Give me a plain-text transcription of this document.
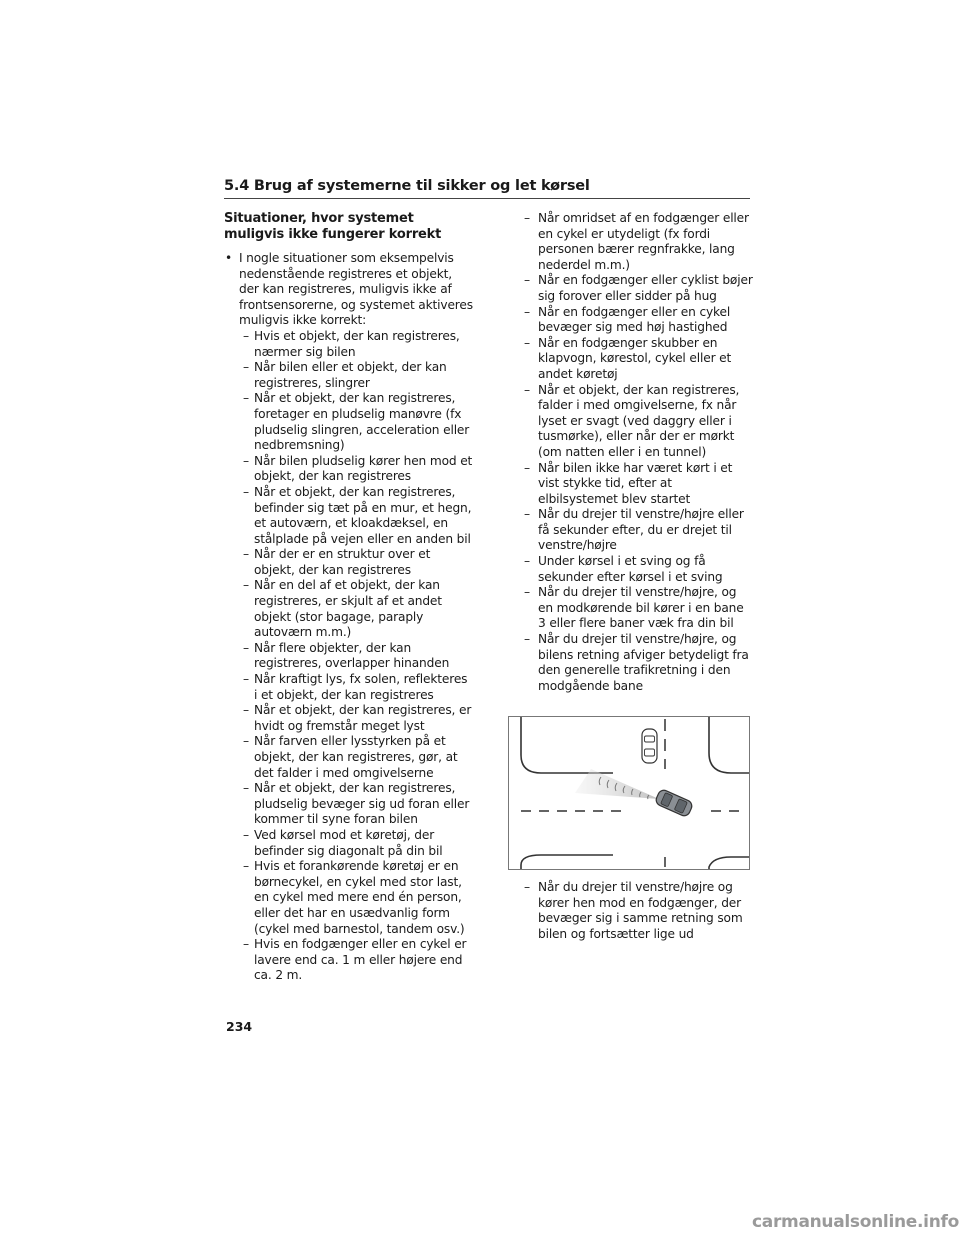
5.4 Brug af systemerne til sikker og let kørsel
Situationer, hvor systemet muligvis ikke fungerer korrekt
• I nogle situationer som eksempelvis nedenstående registreres et objekt, der kan registreres, muligvis ikke af frontsensorerne, og systemet aktiveres muligvis ikke korrekt:
– Hvis et objekt, der kan registreres, nærmer sig bilen
– Når bilen eller et objekt, der kan registreres, slingrer
– Når et objekt, der kan registreres, foretager en pludselig manøvre (fx pludselig slingren, acceleration eller nedbremsning)
– Når bilen pludselig kører hen mod et objekt, der kan registreres
– Når et objekt, der kan registreres, befinder sig tæt på en mur, et hegn, et autoværn, et kloakdæksel, en stålplade på vejen eller en anden bil
– Når der er en struktur over et objekt, der kan registreres
– Når en del af et objekt, der kan registreres, er skjult af et andet objekt (stor bagage, paraply autoværn m.m.)
– Når flere objekter, der kan registreres, overlapper hinanden
– Når kraftigt lys, fx solen, reflekteres i et objekt, der kan registreres
– Når et objekt, der kan registreres, er hvidt og fremstår meget lyst
– Når farven eller lysstyrken på et objekt, der kan registreres, gør, at det falder i med omgivelserne
– Når et objekt, der kan registreres, pludselig bevæger sig ud foran eller kommer til syne foran bilen
– Ved kørsel mod et køretøj, der befinder sig diagonalt på din bil
– Hvis et forankørende køretøj er en børnecykel, en cykel med stor last, en cykel med mere end én person, eller det har en usædvanlig form (cykel med barnestol, tandem osv.)
– Hvis en fodgænger eller en cykel er lavere end ca. 1 m eller højere end ca. 2 m.
– Når omridset af en fodgænger eller en cykel er utydeligt (fx fordi personen bærer regnfrakke, lang nederdel m.m.)
– Når en fodgænger eller cyklist bøjer sig forover eller sidder på hug
– Når en fodgænger eller en cykel bevæger sig med høj hastighed
– Når en fodgænger skubber en klapvogn, kørestol, cykel eller et andet køretøj
– Når et objekt, der kan registreres, falder i med omgivelserne, fx når lyset er svagt (ved daggry eller i tusmørke), eller når der er mørkt (om natten eller i en tunnel)
– Når bilen ikke har været kørt i et vist stykke tid, efter at elbilsystemet blev startet
– Når du drejer til venstre/højre eller få sekunder efter, du er drejet til venstre/højre
– Under kørsel i et sving og få sekunder efter kørsel i et sving
– Når du drejer til venstre/højre, og en modkørende bil kører i en bane 3 eller flere baner væk fra din bil
– Når du drejer til venstre/højre, og bilens retning afviger betydeligt fra den generelle trafikretning i den modgående bane
– Når du drejer til venstre/højre og kører hen mod en fodgænger, der bevæger sig i samme retning som bilen og fortsætter lige ud
234
carmanualsonline.info
